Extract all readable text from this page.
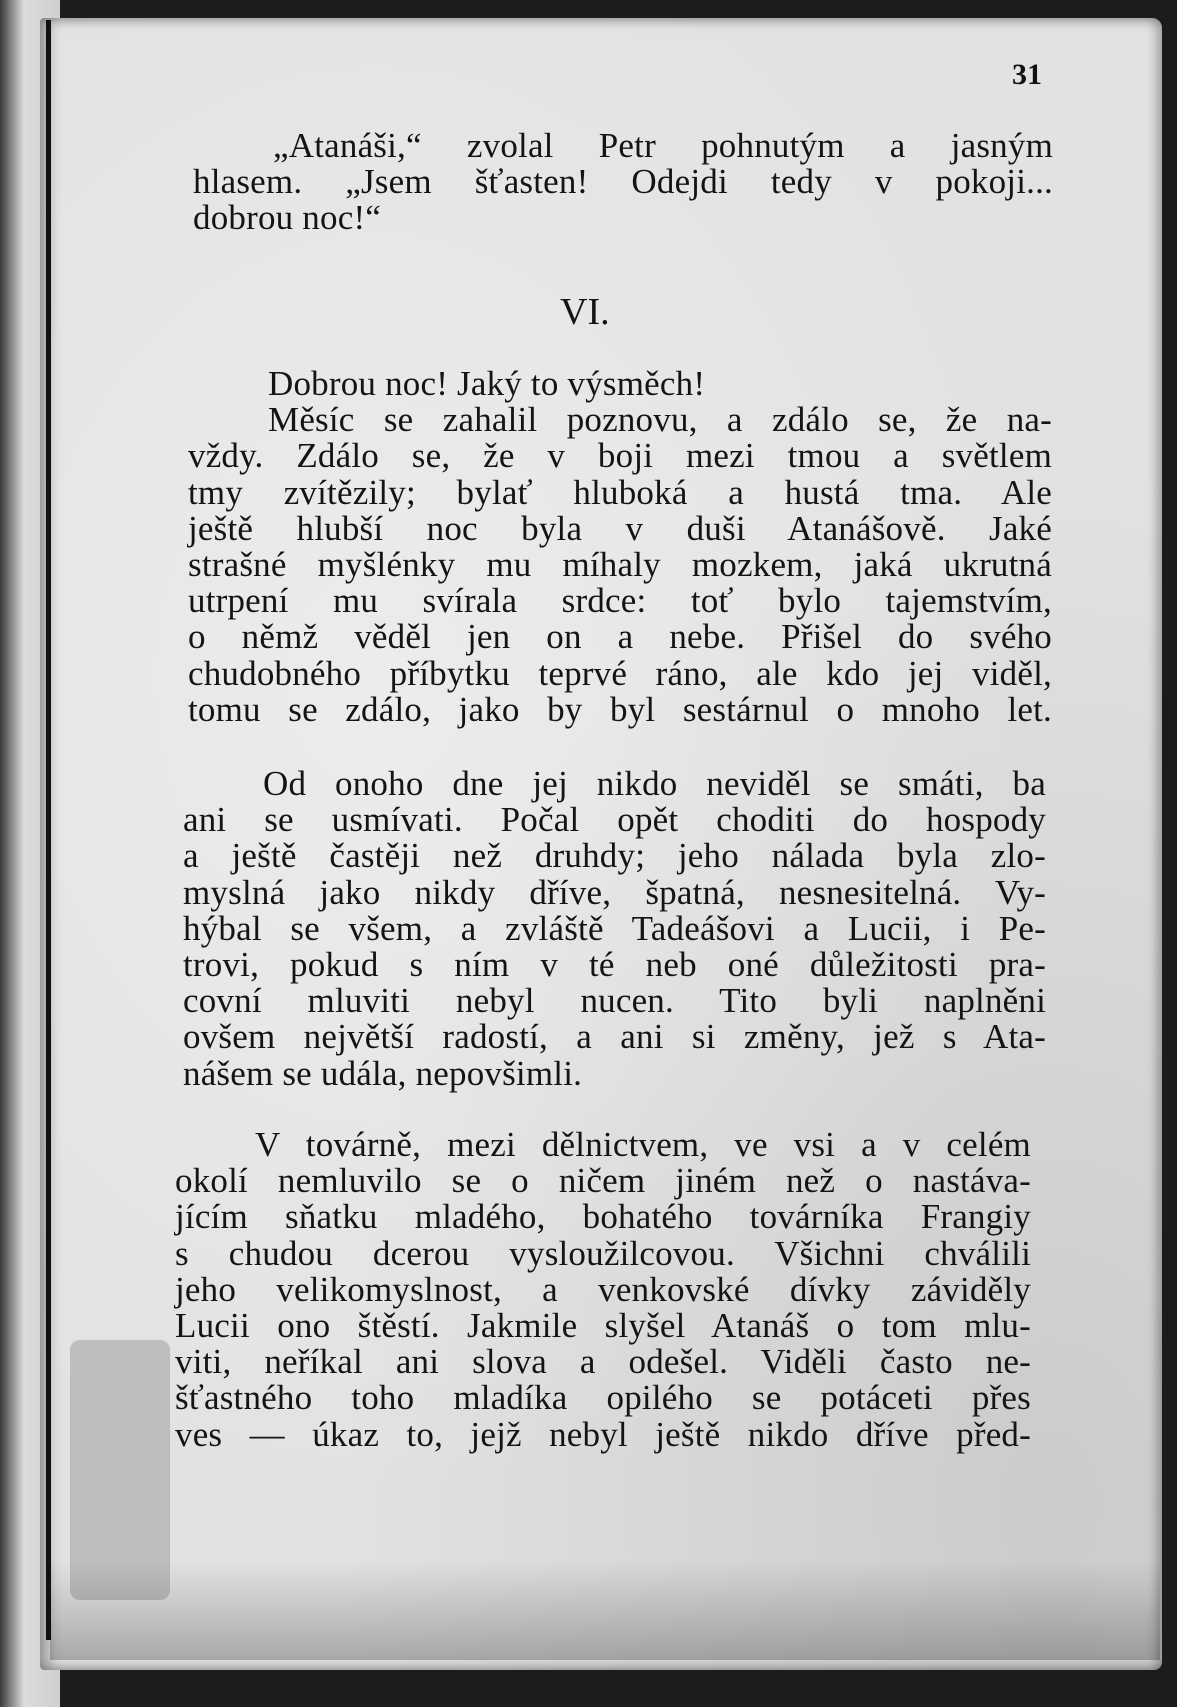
31
„Atanáši,“ zvolal Petr pohnutým a jasným
hlasem. „Jsem šťasten! Odejdi tedy v pokoji...
dobrou noc!“
VI.
Dobrou noc! Jaký to výsměch!
Měsíc se zahalil poznovu, a zdálo se, že na-
vždy. Zdálo se, že v boji mezi tmou a světlem
tmy zvítězily; bylať hluboká a hustá tma. Ale
ještě hlubší noc byla v duši Atanášově. Jaké
strašné myšlénky mu míhaly mozkem, jaká ukrutná
utrpení mu svírala srdce: toť bylo tajemstvím,
o němž věděl jen on a nebe. Přišel do svého
chudobného příbytku teprvé ráno, ale kdo jej viděl,
tomu se zdálo, jako by byl sestárnul o mnoho let.
Od onoho dne jej nikdo neviděl se smáti, ba
ani se usmívati. Počal opět choditi do hospody
a ještě častěji než druhdy; jeho nálada byla zlo-
myslná jako nikdy dříve, špatná, nesnesitelná. Vy-
hýbal se všem, a zvláště Tadeášovi a Lucii, i Pe-
trovi, pokud s ním v té neb oné důležitosti pra-
covní mluviti nebyl nucen. Tito byli naplněni
ovšem největší radostí, a ani si změny, jež s Ata-
nášem se udála, nepovšimli.
V továrně, mezi dělnictvem, ve vsi a v celém
okolí nemluvilo se o ničem jiném než o nastáva-
jícím sňatku mladého, bohatého továrníka Frangiy
s chudou dcerou vysloužilcovou. Všichni chválili
jeho velikomyslnost, a venkovské dívky záviděly
Lucii ono štěstí. Jakmile slyšel Atanáš o tom mlu-
viti, neříkal ani slova a odešel. Viděli často ne-
šťastného toho mladíka opilého se potáceti přes
ves — úkaz to, jejž nebyl ještě nikdo dříve před-
